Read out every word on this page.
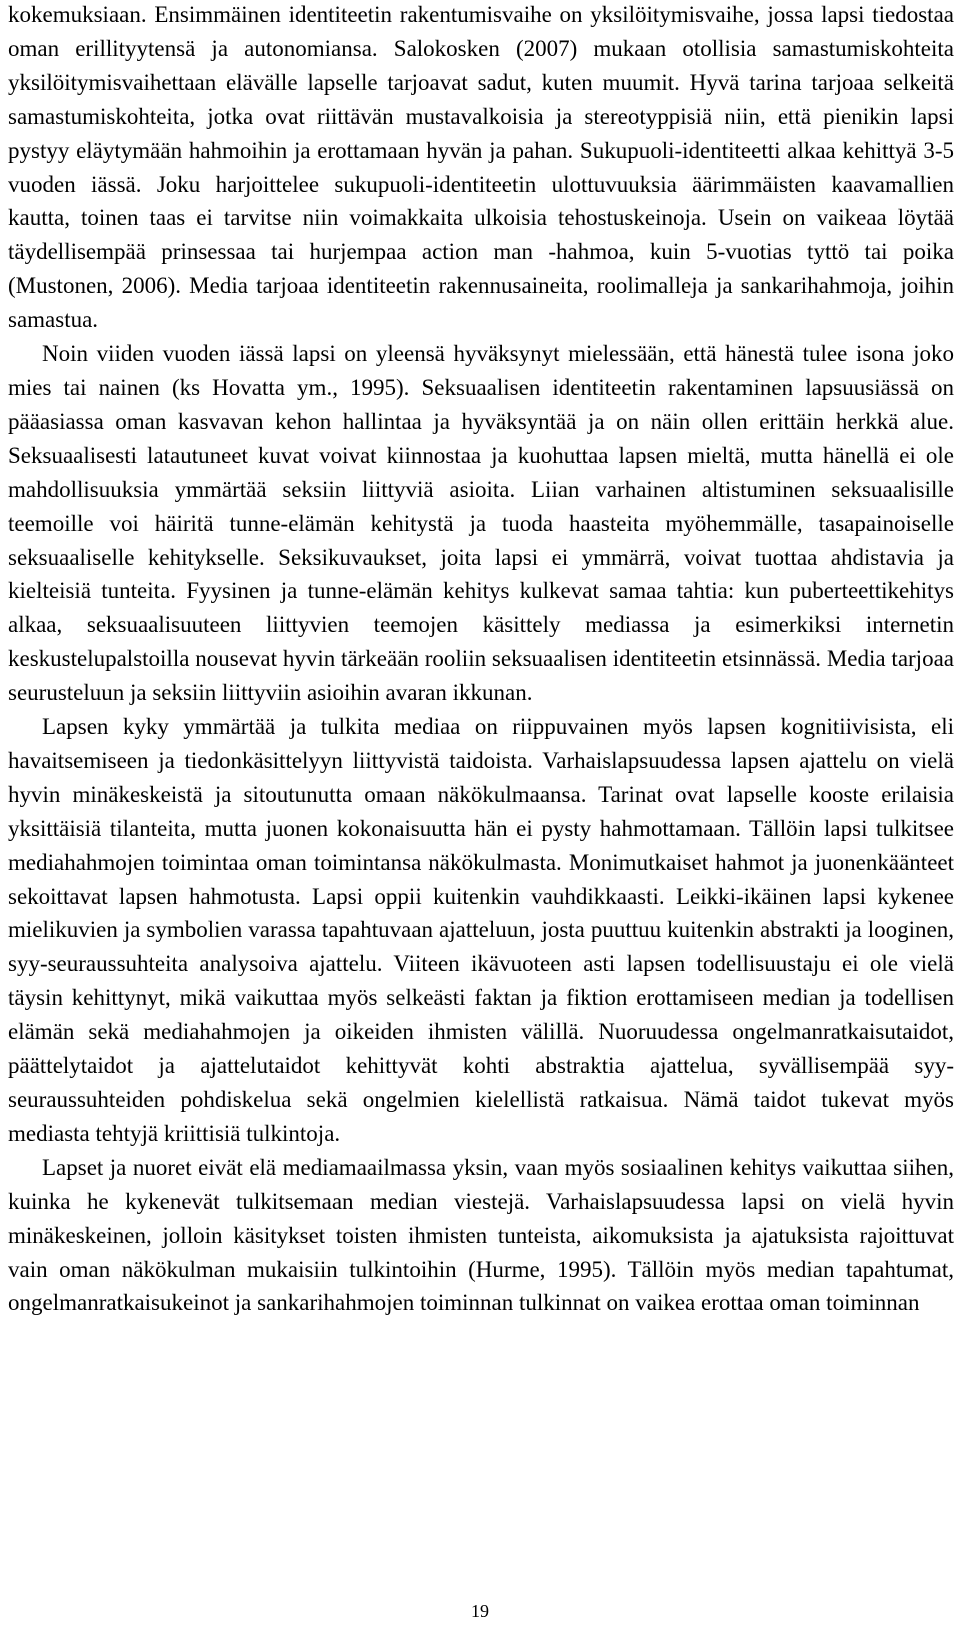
kokemuksiaan. Ensimmäinen identiteetin rakentumisvaihe on yksilöitymisvaihe, jossa lapsi tiedostaa oman erillityytensä ja autonomiansa. Salokosken (2007) mukaan otollisia samastumiskohteita yksilöitymisvaihettaan elävälle lapselle tarjoavat sadut, kuten muumit. Hyvä tarina tarjoaa selkeitä samastumiskohteita, jotka ovat riittävän mustavalkoisia ja stereotyppisiä niin, että pienikin lapsi pystyy eläytymään hahmoihin ja erottamaan hyvän ja pahan. Sukupuoli-identiteetti alkaa kehittyä 3-5 vuoden iässä. Joku harjoittelee sukupuoli-identiteetin ulottuvuuksia äärimmäisten kaavamallien kautta, toinen taas ei tarvitse niin voimakkaita ulkoisia tehostuskeinoja. Usein on vaikeaa löytää täydellisempää prinsessaa tai hurjempaa action man -hahmoa, kuin 5-vuotias tyttö tai poika (Mustonen, 2006). Media tarjoaa identiteetin rakennusaineita, roolimalleja ja sankarihahmoja, joihin samastua.

Noin viiden vuoden iässä lapsi on yleensä hyväksynyt mielessään, että hänestä tulee isona joko mies tai nainen (ks Hovatta ym., 1995). Seksuaalisen identiteetin rakentaminen lapsuusiässä on pääasiassa oman kasvavan kehon hallintaa ja hyväksyntää ja on näin ollen erittäin herkkä alue. Seksuaalisesti latautuneet kuvat voivat kiinnostaa ja kuohuttaa lapsen mieltä, mutta hänellä ei ole mahdollisuuksia ymmärtää seksiin liittyviä asioita. Liian varhainen altistuminen seksuaalisille teemoille voi häiritä tunne-elämän kehitystä ja tuoda haasteita myöhemmälle, tasapainoiselle seksuaaliselle kehitykselle. Seksikuvaukset, joita lapsi ei ymmärrä, voivat tuottaa ahdistavia ja kielteisiä tunteita. Fyysinen ja tunne-elämän kehitys kulkevat samaa tahtia: kun puberteettikehitys alkaa, seksuaalisuuteen liittyvien teemojen käsittely mediassa ja esimerkiksi internetin keskustelupalstoilla nousevat hyvin tärkeään rooliin seksuaalisen identiteetin etsinnässä. Media tarjoaa seurusteluun ja seksiin liittyviin asioihin avaran ikkunan.

Lapsen kyky ymmärtää ja tulkita mediaa on riippuvainen myös lapsen kognitiivisista, eli havaitsemiseen ja tiedonkäsittelyyn liittyvistä taidoista. Varhaislapsuudessa lapsen ajattelu on vielä hyvin minäkeskeistä ja sitoutunutta omaan näkökulmaansa. Tarinat ovat lapselle kooste erilaisia yksittäisiä tilanteita, mutta juonen kokonaisuutta hän ei pysty hahmottamaan. Tällöin lapsi tulkitsee mediahahmojen toimintaa oman toimintansa näkökulmasta. Monimutkaiset hahmot ja juonenkäänteet sekoittavat lapsen hahmotusta. Lapsi oppii kuitenkin vauhdikkaasti. Leikki-ikäinen lapsi kykenee mielikuvien ja symbolien varassa tapahtuvaan ajatteluun, josta puuttuu kuitenkin abstrakti ja looginen, syy-seuraussuhteita analysoiva ajattelu. Viiteen ikävuoteen asti lapsen todellisuustaju ei ole vielä täysin kehittynyt, mikä vaikuttaa myös selkeästi faktan ja fiktion erottamiseen median ja todellisen elämän sekä mediahahmojen ja oikeiden ihmisten välillä. Nuoruudessa ongelmanratkaisutaidot, päättelytaidot ja ajattelutaidot kehittyvät kohti abstraktia ajattelua, syvällisempää syy-seuraussuhteiden pohdiskelua sekä ongelmien kielellistä ratkaisua. Nämä taidot tukevat myös mediasta tehtyjä kriittisiä tulkintoja.

Lapset ja nuoret eivät elä mediamaailmassa yksin, vaan myös sosiaalinen kehitys vaikuttaa siihen, kuinka he kykenevät tulkitsemaan median viestejä. Varhaislapsuudessa lapsi on vielä hyvin minäkeskeinen, jolloin käsitykset toisten ihmisten tunteista, aikomuksista ja ajatuksista rajoittuvat vain oman näkökulman mukaisiin tulkintoihin (Hurme, 1995). Tällöin myös median tapahtumat, ongelmanratkaisukeinot ja sankarihahmojen toiminnan tulkinnat on vaikea erottaa oman toiminnan

19
